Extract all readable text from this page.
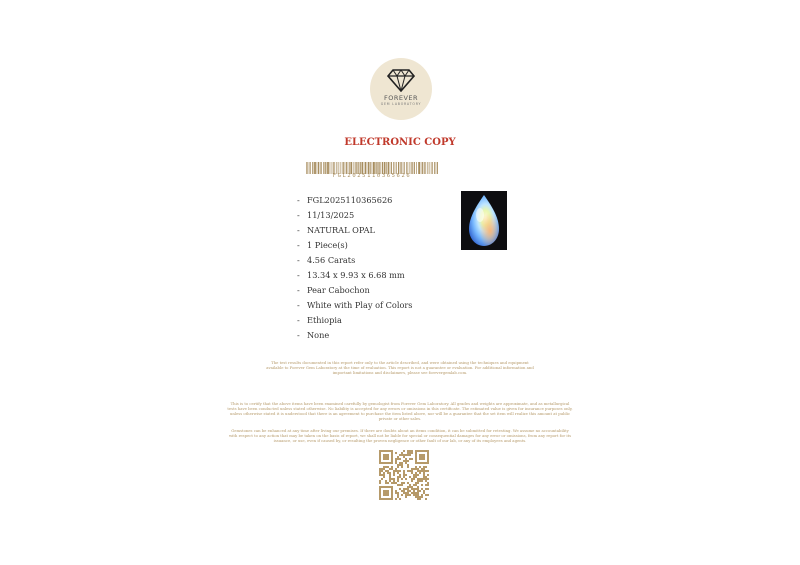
FOREVER
GEM LABORATORY
ELECTRONIC COPY
FGL2025110365626
- FGL2025110365626
- 11/13/2025
- NATURAL OPAL
- 1 Piece(s)
- 4.56 Carats
- 13.34 x 9.93 x 6.68 mm
- Pear Cabochon
- White with Play of Colors
- Ethiopia
- None
The test results documented in this report refer only to the article described, and were obtained using the techniques and equipment
available to Forever Gem Laboratory at the time of evaluation. This report is not a guarantee or evaluation. For additional information and
important limitations and disclaimers, please see forevergemlab.com.
This is to certify that the above items have been examined carefully by gemologist from Forever Gem Laboratory. All grades and weights are approximate, and as metallurgical
tests have been conducted unless stated otherwise. No liability is accepted for any errors or omissions in this certificate. The estimated value is given for insurance purposes only,
unless otherwise stated it is understood that there is an agreement to purchase the item listed above, nor will be a guarantee that the set item will realize this amount at public
private or other sales.
Gemstones can be enhanced at any time after living our premises. If there are doubts about an items condition, it can be submitted for retesting. We assume no accountability
with respect to any action that may be taken on the basis of report, we shall not be liable for special or consequential damages for any error or omissions, from any report for its
issuance, or use, even if caused by, or resulting the proven negligence or other fault of our lab, or any of its employees and agents.
